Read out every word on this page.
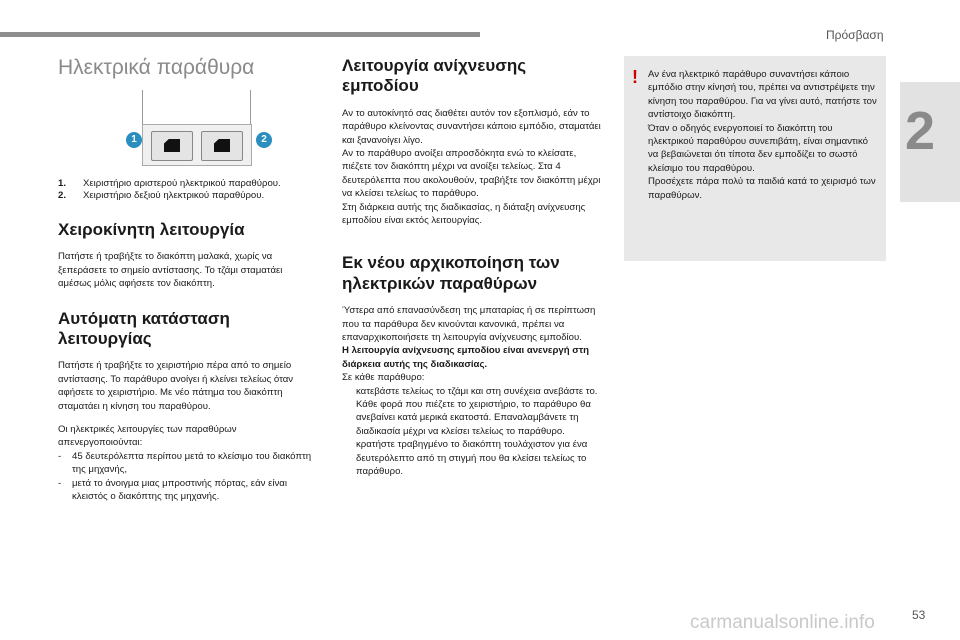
Πρόσβαση
2
53
carmanualsonline.info
Ηλεκτρικά παράθυρα
1	2
1.	Χειριστήριο αριστερού ηλεκτρικού παραθύρου.
2.	Χειριστήριο δεξιού ηλεκτρικού παραθύρου.
Χειροκίνητη λειτουργία

Πατήστε ή τραβήξτε το διακόπτη μαλακά, χωρίς να ξεπεράσετε το σημείο αντίστασης. Το τζάμι σταματάει αμέσως μόλις αφήσετε τον διακόπτη.

Αυτόματη κατάσταση λειτουργίας

Πατήστε ή τραβήξτε το χειριστήριο πέρα από το σημείο αντίστασης. Το παράθυρο ανοίγει ή κλείνει τελείως όταν αφήσετε το χειριστήριο. Με νέο πάτημα του διακόπτη σταματάει η κίνηση του παραθύρου.

Οι ηλεκτρικές λειτουργίες των παραθύρων απενεργοποιούνται:

-	45 δευτερόλεπτα περίπου μετά το κλείσιμο του διακόπτη της μηχανής,
-	μετά το άνοιγμα μιας μπροστινής πόρτας, εάν είναι κλειστός ο διακόπτης της μηχανής.
Λειτουργία ανίχνευσης εμποδίου

Αν το αυτοκίνητό σας διαθέτει αυτόν τον εξοπλισμό, εάν το παράθυρο κλείνοντας συναντήσει κάποιο εμπόδιο, σταματάει και ξανανοίγει λίγο.

Αν το παράθυρο ανοίξει απροσδόκητα ενώ το κλείσατε, πιέζετε τον διακόπτη μέχρι να ανοίξει τελείως. Στα 4 δευτερόλεπτα που ακολουθούν, τραβήξτε τον διακόπτη μέχρι να κλείσει τελείως το παράθυρο.

Στη διάρκεια αυτής της διαδικασίας, η διάταξη ανίχνευσης εμποδίου είναι εκτός λειτουργίας.

Εκ νέου αρχικοποίηση των ηλεκτρικών παραθύρων

Ύστερα από επανασύνδεση της μπαταρίας ή σε περίπτωση που τα παράθυρα δεν κινούνται κανονικά, πρέπει να επαναρχικοποιήσετε τη λειτουργία ανίχνευσης εμποδίου.

Η λειτουργία ανίχνευσης εμποδίου είναι ανενεργή στη διάρκεια αυτής της διαδικασίας.

Σε κάθε παράθυρο:

κατεβάστε τελείως το τζάμι και στη συνέχεια ανεβάστε το. Κάθε φορά που πιέζετε το χειριστήριο, το παράθυρο θα ανεβαίνει κατά μερικά εκατοστά. Επαναλαμβάνετε τη διαδικασία μέχρι να κλείσει τελείως το παράθυρο.
κρατήστε τραβηγμένο το διακόπτη τουλάχιστον για ένα δευτερόλεπτο από τη στιγμή που θα κλείσει τελείως το παράθυρο.
! Αν ένα ηλεκτρικό παράθυρο συναντήσει κάποιο εμπόδιο στην κίνησή του, πρέπει να αντιστρέψετε την κίνηση του παραθύρου. Για να γίνει αυτό, πατήστε τον αντίστοιχο διακόπτη.

Όταν ο οδηγός ενεργοποιεί το διακόπτη του ηλεκτρικού παραθύρου συνεπιβάτη, είναι σημαντικό να βεβαιώνεται ότι τίποτα δεν εμποδίζει το σωστό κλείσιμο του παραθύρου.

Προσέχετε πάρα πολύ τα παιδιά κατά το χειρισμό των παραθύρων.
